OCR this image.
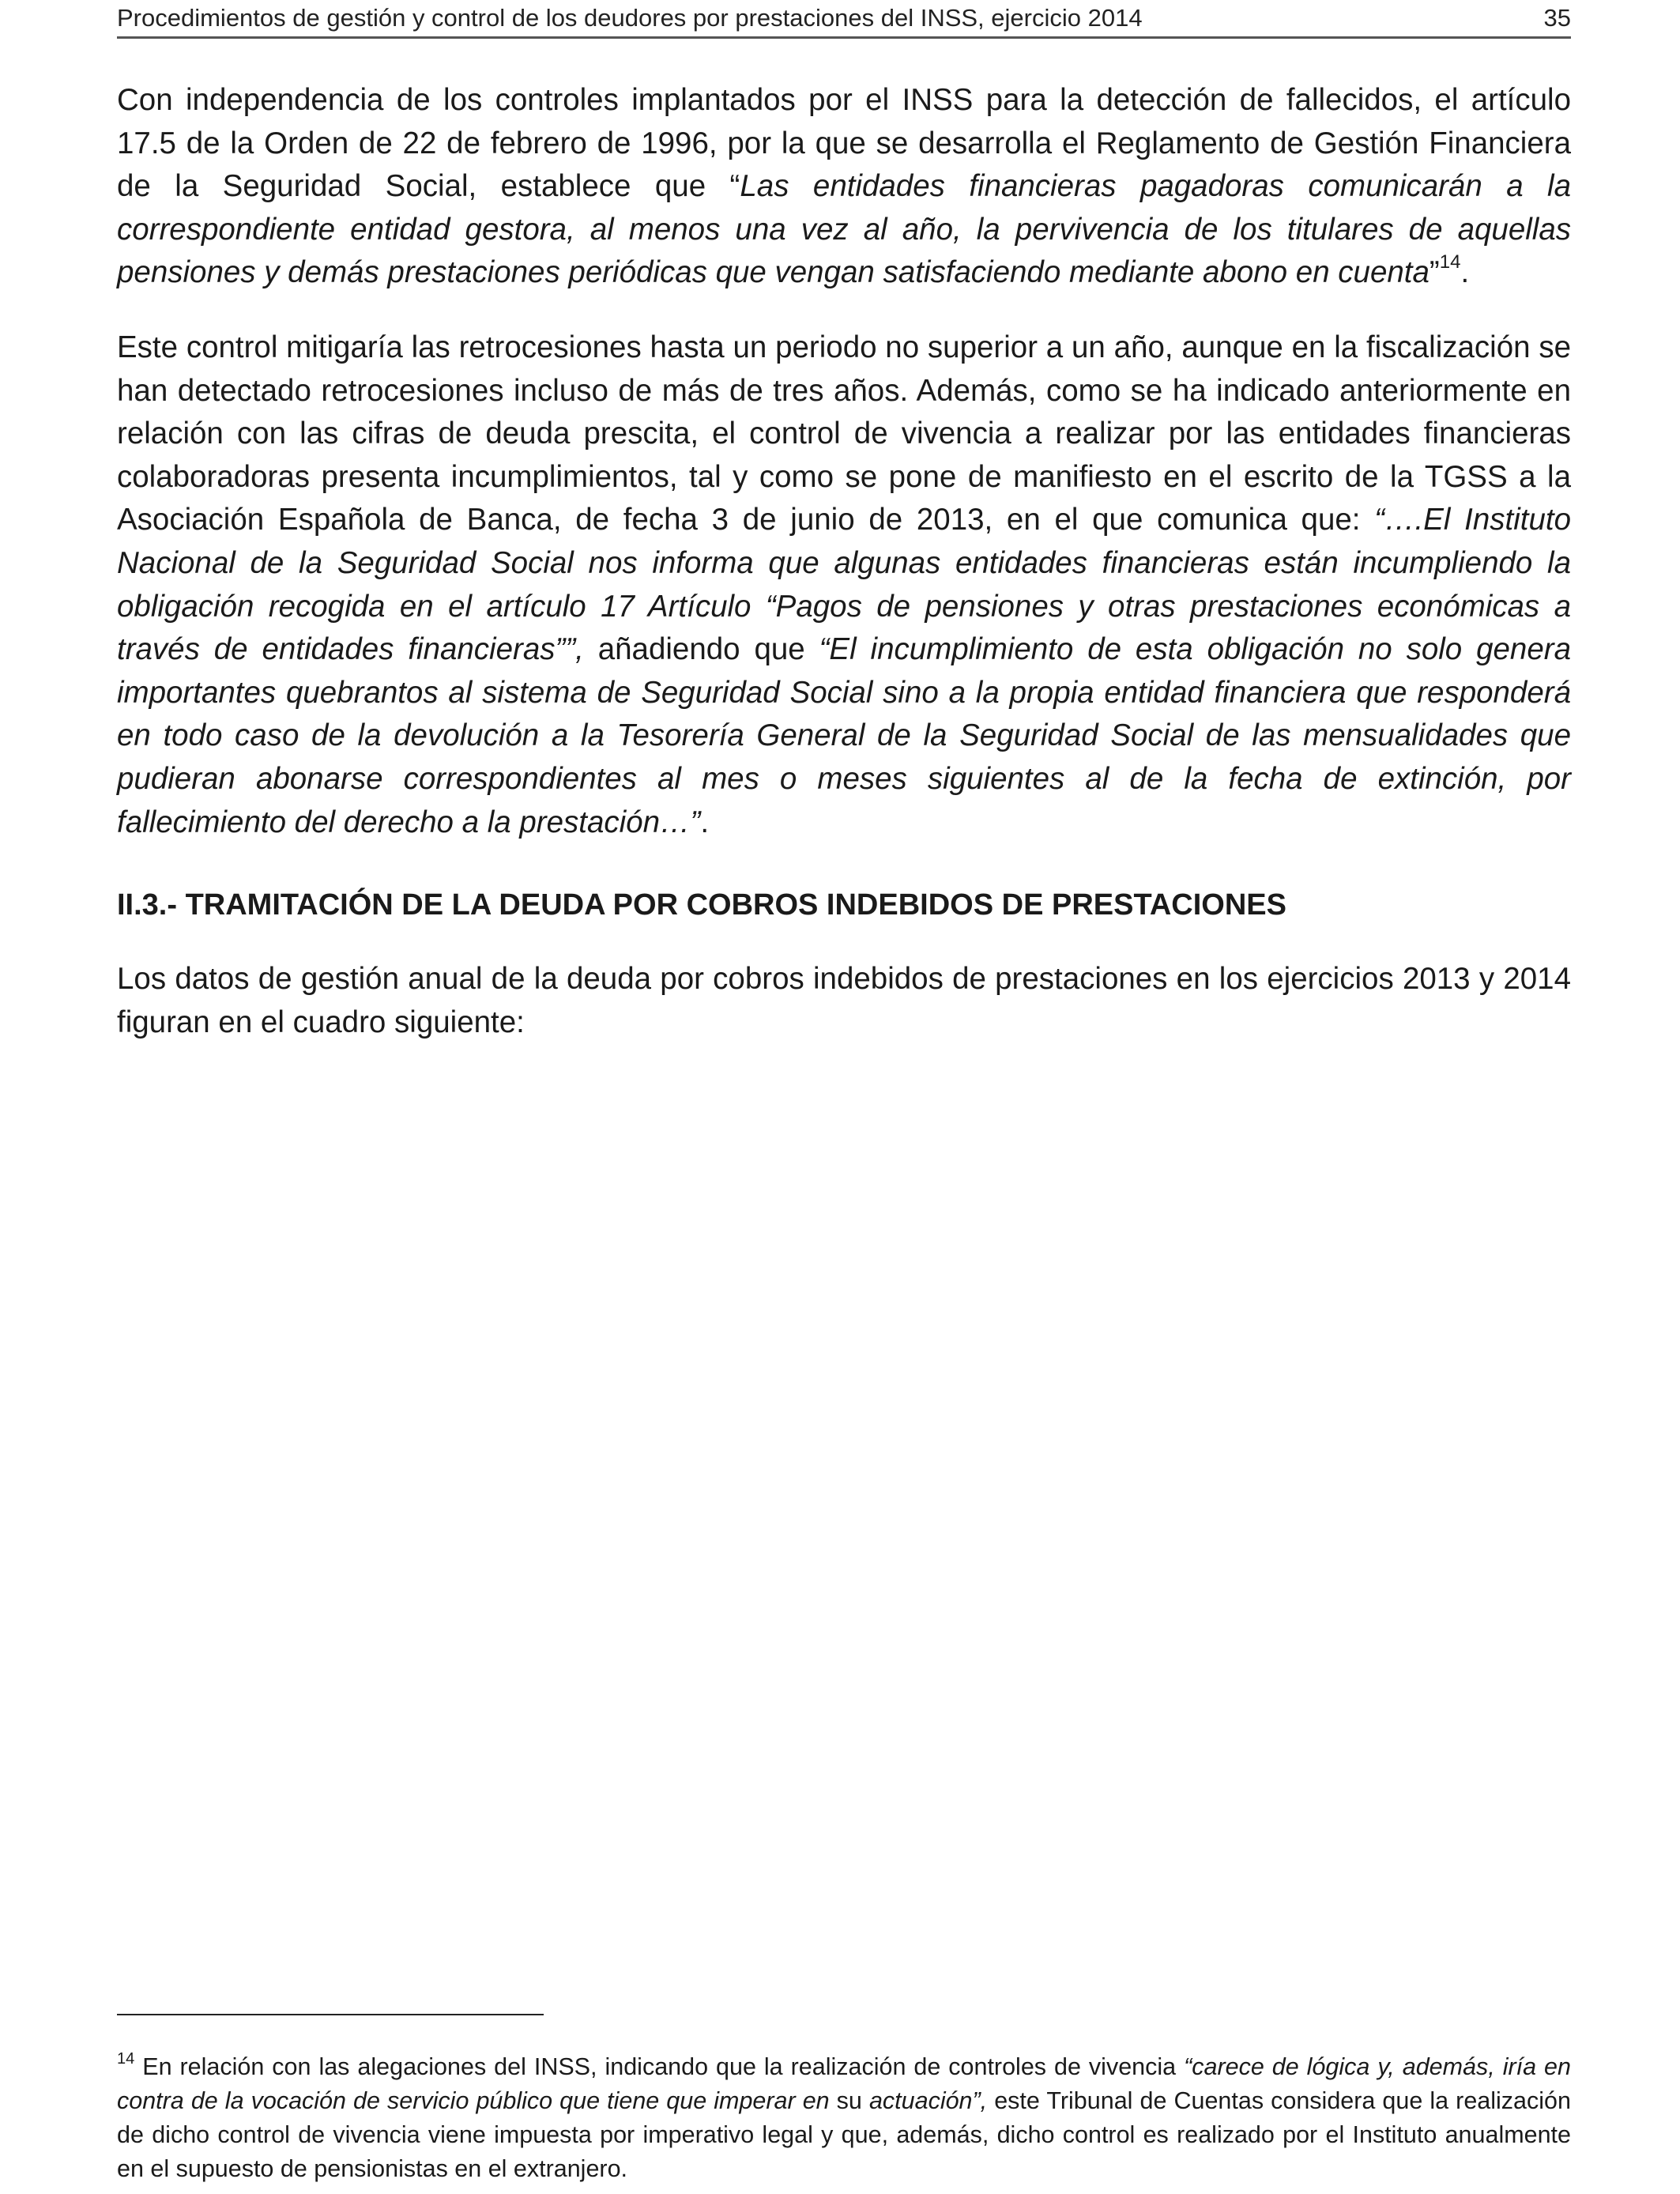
Procedimientos de gestión y control de los deudores por prestaciones del INSS, ejercicio 2014	35

Con independencia de los controles implantados por el INSS para la detección de fallecidos, el artículo 17.5 de la Orden de 22 de febrero de 1996, por la que se desarrolla el Reglamento de Gestión Financiera de la Seguridad Social, establece que “Las entidades financieras pagadoras comunicarán a la correspondiente entidad gestora, al menos una vez al año, la pervivencia de los titulares de aquellas pensiones y demás prestaciones periódicas que vengan satisfaciendo mediante abono en cuenta”$^{14}$.

Este control mitigaría las retrocesiones hasta un periodo no superior a un año, aunque en la fiscalización se han detectado retrocesiones incluso de más de tres años. Además, como se ha indicado anteriormente en relación con las cifras de deuda prescita, el control de vivencia a realizar por las entidades financieras colaboradoras presenta incumplimientos, tal y como se pone de manifiesto en el escrito de la TGSS a la Asociación Española de Banca, de fecha 3 de junio de 2013, en el que comunica que: “….El Instituto Nacional de la Seguridad Social nos informa que algunas entidades financieras están incumpliendo la obligación recogida en el artículo 17 Artículo “Pagos de pensiones y otras prestaciones económicas a través de entidades financieras””, añadiendo que “El incumplimiento de esta obligación no solo genera importantes quebrantos al sistema de Seguridad Social sino a la propia entidad financiera que responderá en todo caso de la devolución a la Tesorería General de la Seguridad Social de las mensualidades que pudieran abonarse correspondientes al mes o meses siguientes al de la fecha de extinción, por fallecimiento del derecho a la prestación…”.

II.3.- TRAMITACIÓN DE LA DEUDA POR COBROS INDEBIDOS DE PRESTACIONES

Los datos de gestión anual de la deuda por cobros indebidos de prestaciones en los ejercicios 2013 y 2014 figuran en el cuadro siguiente:

$^{14}$ En relación con las alegaciones del INSS, indicando que la realización de controles de vivencia “carece de lógica y, además, iría en contra de la vocación de servicio público que tiene que imperar en su actuación”, este Tribunal de Cuentas considera que la realización de dicho control de vivencia viene impuesta por imperativo legal y que, además, dicho control es realizado por el Instituto anualmente en el supuesto de pensionistas en el extranjero.
